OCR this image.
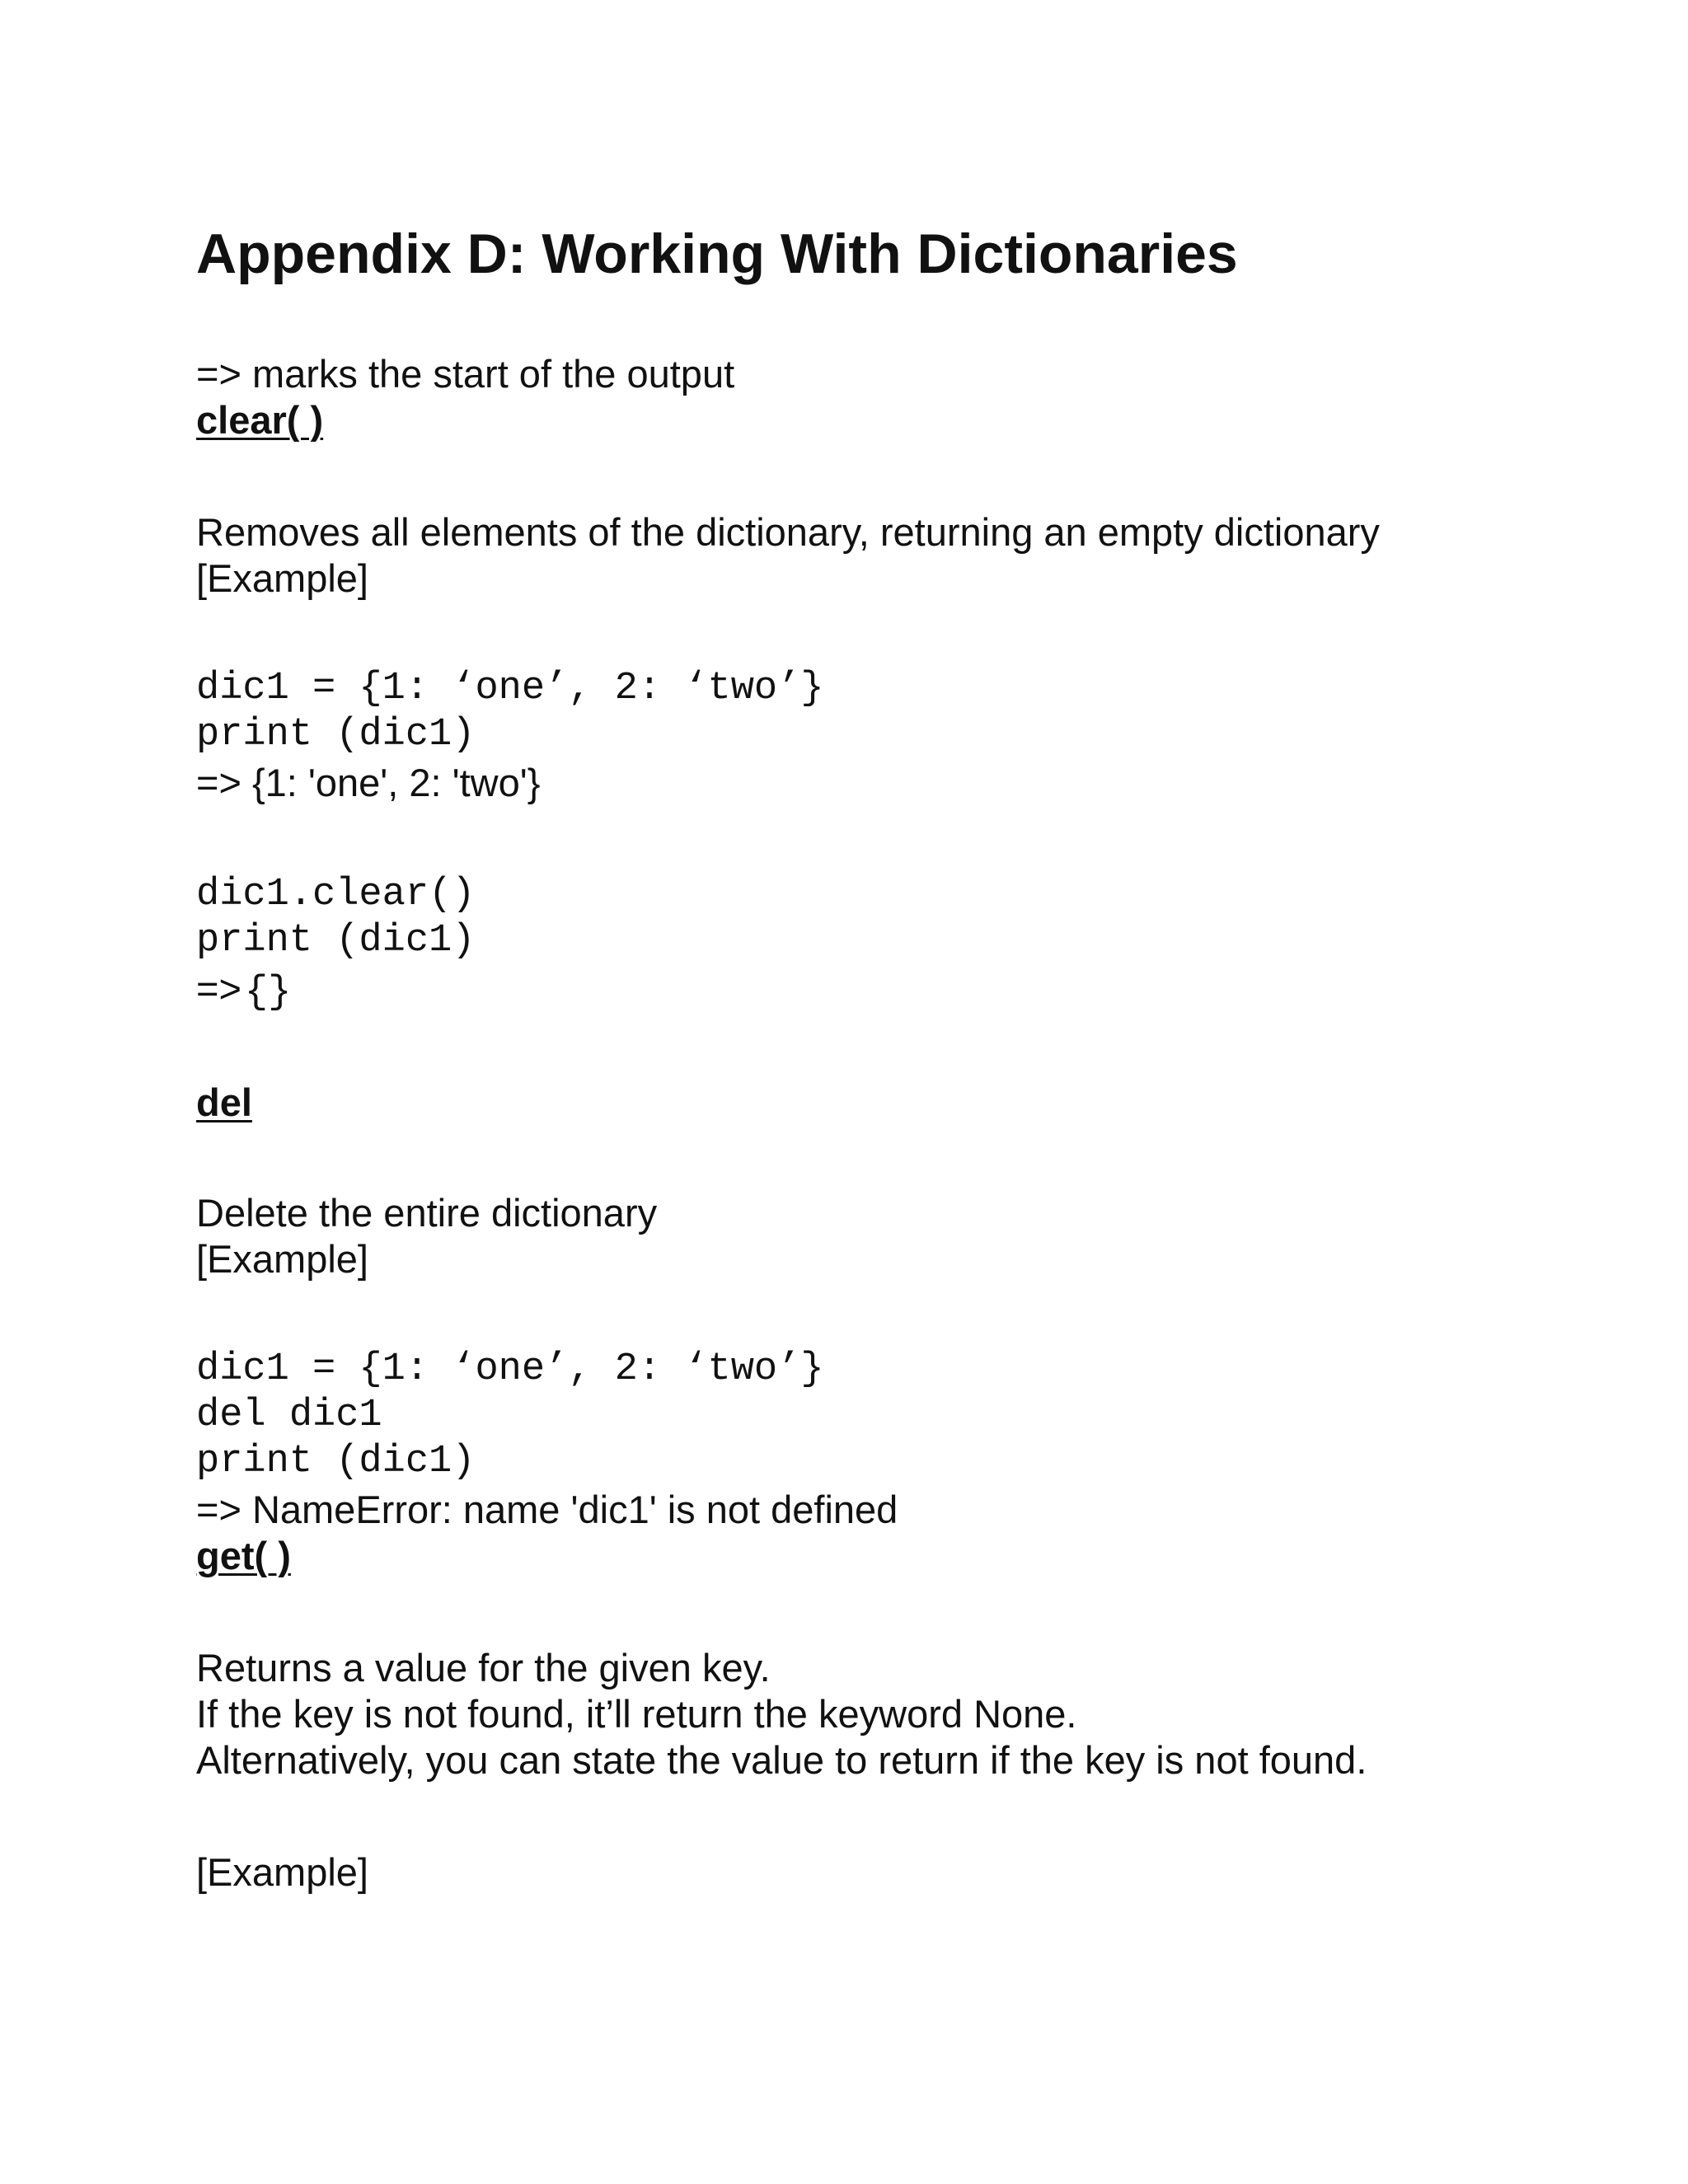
Appendix D: Working With Dictionaries
=> marks the start of the output
clear( )
Removes all elements of the dictionary, returning an empty dictionary
[Example]
dic1 = {1: ‘one’, 2: ‘two’}
print (dic1)
=> {1: 'one', 2: 'two'}
dic1.clear()
print (dic1)
=>{}
del
Delete the entire dictionary
[Example]
dic1 = {1: ‘one’, 2: ‘two’}
del dic1
print (dic1)
=> NameError: name 'dic1' is not defined
get( )
Returns a value for the given key.
If the key is not found, it’ll return the keyword None.
Alternatively, you can state the value to return if the key is not found.
[Example]
